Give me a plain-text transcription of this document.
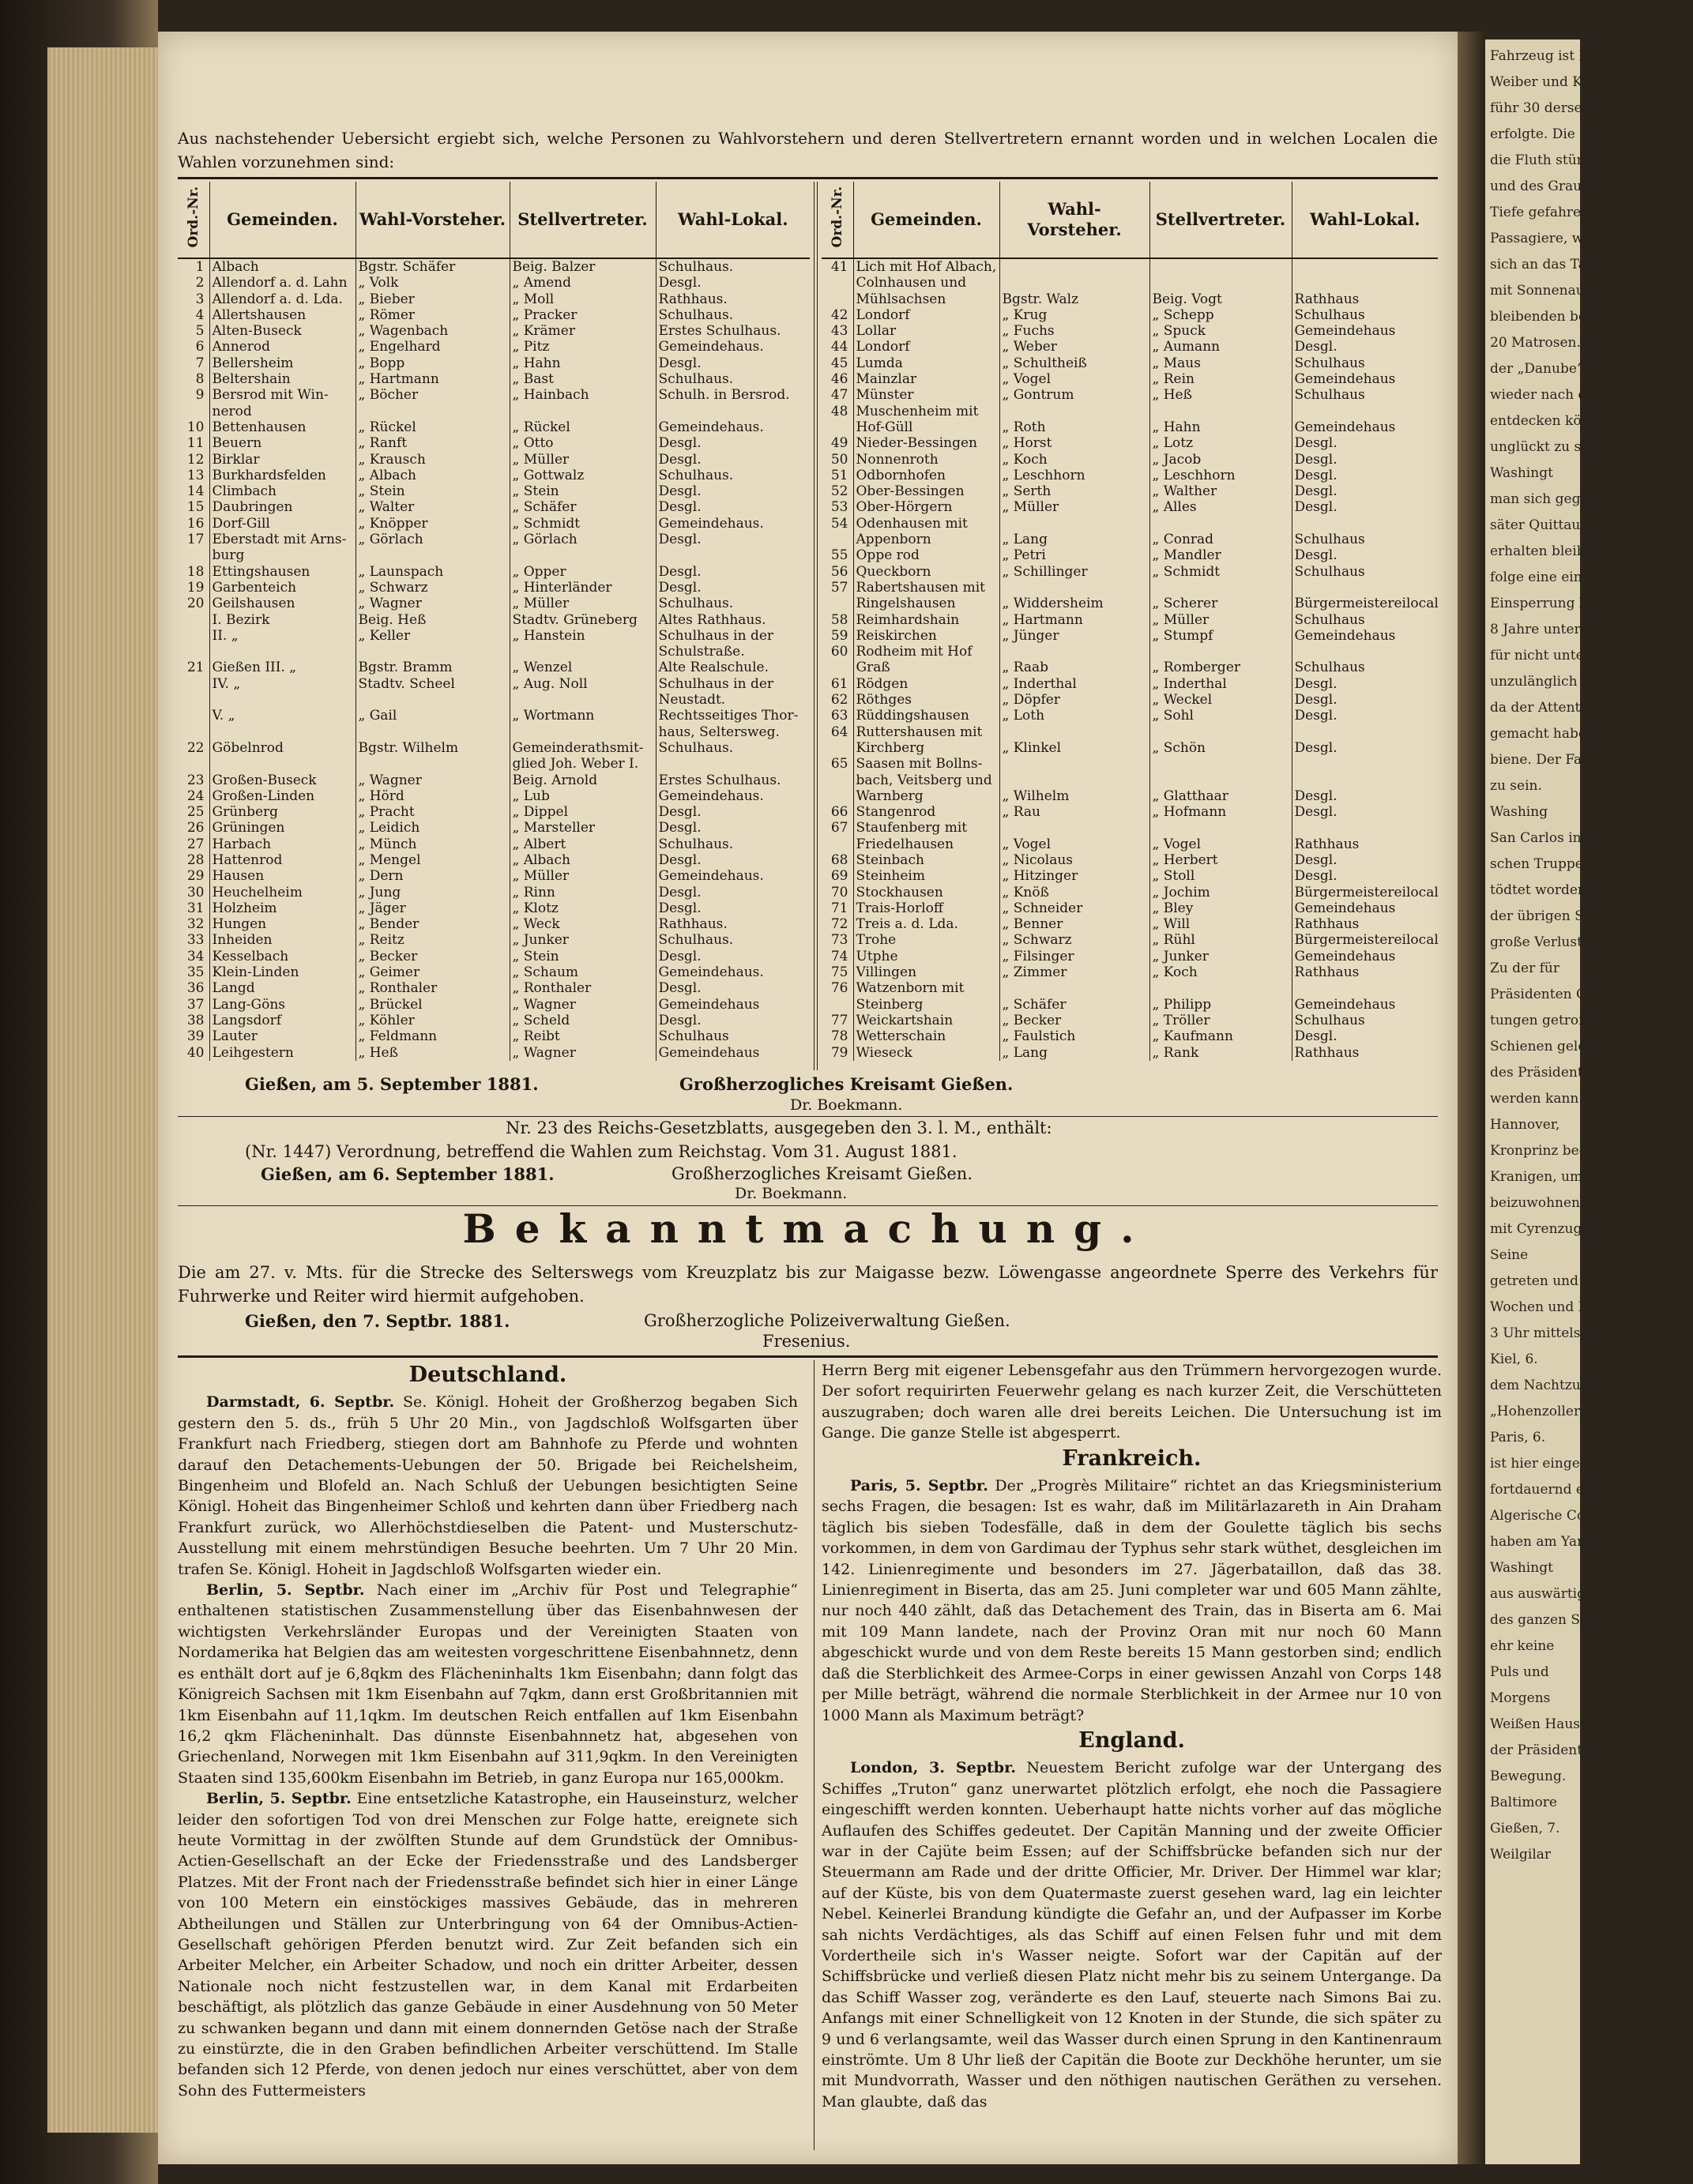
Fahrzeug ist Passagiere ruhig
Weiber und Kin
führ 30 derselbe
erfolgte. Die
die Fluth stürzte
und des Grauses
Tiefe gefahren.
Passagiere, welche
sich an das Tau
mit Sonnenaufg
bleibenden belau
20 Matrosen.
der „Danube“,
wieder nach der
entdecken können
unglückt zu sein.
Washingt
man sich gegenwä
säter Quittau a
erhalten bleibe.
folge eine eines
Einsperrung bei
8 Jahre unterlieg
für nicht unter 5,
unzulänglich für
da der Attentäter
gemacht habe und
biene. Der Fall
zu sein.
Washing
San Carlos in Gu
schen Truppentheil
tödtet worden seien
der übrigen Solda
große Verluste erl
Zu der für
Präsidenten Garfi
tungen getroffen,
Schienen gelegt,
des Präsidenten
werden kann.
Hannover,
Kronprinz begaben
Kranigen, um der
beizuwohnen. Die
mit Cyrenzug, nach
Seine
getreten und dort
Wochen und Eidge
3 Uhr mittels Ex
Kiel, 6.
dem Nachtzuge hi
„Hohenzollern“ bi
Paris, 6.
ist hier eingetroffen
fortdauernd ein
Algerische Colonne
haben am Yarbon
Washingt
aus auswärtige
des ganzen Samm
ehr keine
Puls und
Morgens
Weißen Hause
der Präsident
Bewegung.
Baltimore
Gießen, 7.
Weilgilar
Aus nachstehender Uebersicht ergiebt sich, welche Personen zu Wahlvorstehern und deren Stellvertretern ernannt worden und in welchen Localen die Wahlen vorzunehmen sind:
Ord.-Nr.	Gemeinden.	Wahl-Vorsteher.	Stellvertreter.	Wahl-Lokal.
1	Albach	Bgstr. Schäfer	Beig. Balzer	Schulhaus.
2	Allendorf a. d. Lahn	„ Volk	„ Amend	Desgl.
3	Allendorf a. d. Lda.	„ Bieber	„ Moll	Rathhaus.
4	Allertshausen	„ Römer	„ Pracker	Schulhaus.
5	Alten-Buseck	„ Wagenbach	„ Krämer	Erstes Schulhaus.
6	Annerod	„ Engelhard	„ Pitz	Gemeindehaus.
7	Bellersheim	„ Bopp	„ Hahn	Desgl.
8	Beltershain	„ Hartmann	„ Bast	Schulhaus.
9	Bersrod mit Win-	„ Böcher	„ Hainbach	Schulh. in Bersrod.
	nerod			
10	Bettenhausen	„ Rückel	„ Rückel	Gemeindehaus.
11	Beuern	„ Ranft	„ Otto	Desgl.
12	Birklar	„ Krausch	„ Müller	Desgl.
13	Burkhardsfelden	„ Albach	„ Gottwalz	Schulhaus.
14	Climbach	„ Stein	„ Stein	Desgl.
15	Daubringen	„ Walter	„ Schäfer	Desgl.
16	Dorf-Gill	„ Knöpper	„ Schmidt	Gemeindehaus.
17	Eberstadt mit Arns-	„ Görlach	„ Görlach	Desgl.
	burg			
18	Ettingshausen	„ Launspach	„ Opper	Desgl.
19	Garbenteich	„ Schwarz	„ Hinterländer	Desgl.
20	Geilshausen	„ Wagner	„ Müller	Schulhaus.
	I. Bezirk	Beig. Heß	Stadtv. Grüneberg	Altes Rathhaus.
	II. „	„ Keller	„ Hanstein	Schulhaus in der
				Schulstraße.
21	Gießen III. „	Bgstr. Bramm	„ Wenzel	Alte Realschule.
	IV. „	Stadtv. Scheel	„ Aug. Noll	Schulhaus in der
				Neustadt.
	V. „	„ Gail	„ Wortmann	Rechtsseitiges Thor-
				haus, Seltersweg.
22	Göbelnrod	Bgstr. Wilhelm	Gemeinderathsmit-	Schulhaus.
			glied Joh. Weber I.	
23	Großen-Buseck	„ Wagner	Beig. Arnold	Erstes Schulhaus.
24	Großen-Linden	„ Hörd	„ Lub	Gemeindehaus.
25	Grünberg	„ Pracht	„ Dippel	Desgl.
26	Grüningen	„ Leidich	„ Marsteller	Desgl.
27	Harbach	„ Münch	„ Albert	Schulhaus.
28	Hattenrod	„ Mengel	„ Albach	Desgl.
29	Hausen	„ Dern	„ Müller	Gemeindehaus.
30	Heuchelheim	„ Jung	„ Rinn	Desgl.
31	Holzheim	„ Jäger	„ Klotz	Desgl.
32	Hungen	„ Bender	„ Weck	Rathhaus.
33	Inheiden	„ Reitz	„ Junker	Schulhaus.
34	Kesselbach	„ Becker	„ Stein	Desgl.
35	Klein-Linden	„ Geimer	„ Schaum	Gemeindehaus.
36	Langd	„ Ronthaler	„ Ronthaler	Desgl.
37	Lang-Göns	„ Brückel	„ Wagner	Gemeindehaus
38	Langsdorf	„ Köhler	„ Scheld	Desgl.
39	Lauter	„ Feldmann	„ Reibt	Schulhaus
40	Leihgestern	„ Heß	„ Wagner	Gemeindehaus
Ord.-Nr.	Gemeinden.	Wahl-Vorsteher.	Stellvertreter.	Wahl-Lokal.
41	Lich mit Hof Albach,			
	Colnhausen und			
	Mühlsachsen	Bgstr. Walz	Beig. Vogt	Rathhaus
42	Londorf	„ Krug	„ Schepp	Schulhaus
43	Lollar	„ Fuchs	„ Spuck	Gemeindehaus
44	Londorf	„ Weber	„ Aumann	Desgl.
45	Lumda	„ Schultheiß	„ Maus	Schulhaus
46	Mainzlar	„ Vogel	„ Rein	Gemeindehaus
47	Münster	„ Gontrum	„ Heß	Schulhaus
48	Muschenheim mit			
	Hof-Güll	„ Roth	„ Hahn	Gemeindehaus
49	Nieder-Bessingen	„ Horst	„ Lotz	Desgl.
50	Nonnenroth	„ Koch	„ Jacob	Desgl.
51	Odbornhofen	„ Leschhorn	„ Leschhorn	Desgl.
52	Ober-Bessingen	„ Serth	„ Walther	Desgl.
53	Ober-Hörgern	„ Müller	„ Alles	Desgl.
54	Odenhausen mit			
	Appenborn	„ Lang	„ Conrad	Schulhaus
55	Oppe rod	„ Petri	„ Mandler	Desgl.
56	Queckborn	„ Schillinger	„ Schmidt	Schulhaus
57	Rabertshausen mit			
	Ringelshausen	„ Widdersheim	„ Scherer	Bürgermeistereilocal
58	Reimhardshain	„ Hartmann	„ Müller	Schulhaus
59	Reiskirchen	„ Jünger	„ Stumpf	Gemeindehaus
60	Rodheim mit Hof			
	Graß	„ Raab	„ Romberger	Schulhaus
61	Rödgen	„ Inderthal	„ Inderthal	Desgl.
62	Röthges	„ Döpfer	„ Weckel	Desgl.
63	Rüddingshausen	„ Loth	„ Sohl	Desgl.
64	Ruttershausen mit			
	Kirchberg	„ Klinkel	„ Schön	Desgl.
65	Saasen mit Bollns-			
	bach, Veitsberg und			
	Warnberg	„ Wilhelm	„ Glatthaar	Desgl.
66	Stangenrod	„ Rau	„ Hofmann	Desgl.
67	Staufenberg mit			
	Friedelhausen	„ Vogel	„ Vogel	Rathhaus
68	Steinbach	„ Nicolaus	„ Herbert	Desgl.
69	Steinheim	„ Hitzinger	„ Stoll	Desgl.
70	Stockhausen	„ Knöß	„ Jochim	Bürgermeistereilocal
71	Trais-Horloff	„ Schneider	„ Bley	Gemeindehaus
72	Treis a. d. Lda.	„ Benner	„ Will	Rathhaus
73	Trohe	„ Schwarz	„ Rühl	Bürgermeistereilocal
74	Utphe	„ Filsinger	„ Junker	Gemeindehaus
75	Villingen	„ Zimmer	„ Koch	Rathhaus
76	Watzenborn mit			
	Steinberg	„ Schäfer	„ Philipp	Gemeindehaus
77	Weickartshain	„ Becker	„ Tröller	Schulhaus
78	Wetterschain	„ Faulstich	„ Kaufmann	Desgl.
79	Wieseck	„ Lang	„ Rank	Rathhaus
Gießen, am 5. September 1881.	Großherzogliches Kreisamt Gießen.
Dr. Boekmann.
Nr. 23 des Reichs-Gesetzblatts, ausgegeben den 3. l. M., enthält:
(Nr. 1447) Verordnung, betreffend die Wahlen zum Reichstag. Vom 31. August 1881.
Gießen, am 6. September 1881.	Großherzogliches Kreisamt Gießen.
Dr. Boekmann.
Bekanntmachung.
Die am 27. v. Mts. für die Strecke des Selterswegs vom Kreuzplatz bis zur Maigasse bezw. Löwengasse angeordnete Sperre des Verkehrs für Fuhrwerke und Reiter wird hiermit aufgehoben.
Gießen, den 7. Septbr. 1881.	Großherzogliche Polizeiverwaltung Gießen.
Fresenius.
Deutschland.

Darmstadt, 6. Septbr. Se. Königl. Hoheit der Großherzog begaben Sich gestern den 5. ds., früh 5 Uhr 20 Min., von Jagdschloß Wolfsgarten über Frankfurt nach Friedberg, stiegen dort am Bahnhofe zu Pferde und wohnten darauf den Detachements-Uebungen der 50. Brigade bei Reichelsheim, Bingenheim und Blofeld an. Nach Schluß der Uebungen besichtigten Seine Königl. Hoheit das Bingenheimer Schloß und kehrten dann über Friedberg nach Frankfurt zurück, wo Allerhöchstdieselben die Patent- und Musterschutz-Ausstellung mit einem mehrstündigen Besuche beehrten. Um 7 Uhr 20 Min. trafen Se. Königl. Hoheit in Jagdschloß Wolfsgarten wieder ein.

Berlin, 5. Septbr. Nach einer im „Archiv für Post und Telegraphie“ enthaltenen statistischen Zusammenstellung über das Eisenbahnwesen der wichtigsten Verkehrsländer Europas und der Vereinigten Staaten von Nordamerika hat Belgien das am weitesten vorgeschrittene Eisenbahnnetz, denn es enthält dort auf je 6,8qkm des Flächeninhalts 1km Eisenbahn; dann folgt das Königreich Sachsen mit 1km Eisenbahn auf 7qkm, dann erst Großbritannien mit 1km Eisenbahn auf 11,1qkm. Im deutschen Reich entfallen auf 1km Eisenbahn 16,2 qkm Flächeninhalt. Das dünnste Eisenbahnnetz hat, abgesehen von Griechenland, Norwegen mit 1km Eisenbahn auf 311,9qkm. In den Vereinigten Staaten sind 135,600km Eisenbahn im Betrieb, in ganz Europa nur 165,000km.

Berlin, 5. Septbr. Eine entsetzliche Katastrophe, ein Hauseinsturz, welcher leider den sofortigen Tod von drei Menschen zur Folge hatte, ereignete sich heute Vormittag in der zwölften Stunde auf dem Grundstück der Omnibus-Actien-Gesellschaft an der Ecke der Friedensstraße und des Landsberger Platzes. Mit der Front nach der Friedensstraße befindet sich hier in einer Länge von 100 Metern ein einstöckiges massives Gebäude, das in mehreren Abtheilungen und Ställen zur Unterbringung von 64 der Omnibus-Actien-Gesellschaft gehörigen Pferden benutzt wird. Zur Zeit befanden sich ein Arbeiter Melcher, ein Arbeiter Schadow, und noch ein dritter Arbeiter, dessen Nationale noch nicht festzustellen war, in dem Kanal mit Erdarbeiten beschäftigt, als plötzlich das ganze Gebäude in einer Ausdehnung von 50 Meter zu schwanken begann und dann mit einem donnernden Getöse nach der Straße zu einstürzte, die in den Graben befindlichen Arbeiter verschüttend. Im Stalle befanden sich 12 Pferde, von denen jedoch nur eines verschüttet, aber von dem Sohn des Futtermeisters

Herrn Berg mit eigener Lebensgefahr aus den Trümmern hervorgezogen wurde. Der sofort requirirten Feuerwehr gelang es nach kurzer Zeit, die Verschütteten auszugraben; doch waren alle drei bereits Leichen. Die Untersuchung ist im Gange. Die ganze Stelle ist abgesperrt.

Frankreich.

Paris, 5. Septbr. Der „Progrès Militaire“ richtet an das Kriegsministerium sechs Fragen, die besagen: Ist es wahr, daß im Militärlazareth in Ain Draham täglich bis sieben Todesfälle, daß in dem der Goulette täglich bis sechs vorkommen, in dem von Gardimau der Typhus sehr stark wüthet, desgleichen im 142. Linienregimente und besonders im 27. Jägerbataillon, daß das 38. Linienregiment in Biserta, das am 25. Juni completer war und 605 Mann zählte, nur noch 440 zählt, daß das Detachement des Train, das in Biserta am 6. Mai mit 109 Mann landete, nach der Provinz Oran mit nur noch 60 Mann abgeschickt wurde und von dem Reste bereits 15 Mann gestorben sind; endlich daß die Sterblichkeit des Armee-Corps in einer gewissen Anzahl von Corps 148 per Mille beträgt, während die normale Sterblichkeit in der Armee nur 10 von 1000 Mann als Maximum beträgt?

England.

London, 3. Septbr. Neuestem Bericht zufolge war der Untergang des Schiffes „Truton“ ganz unerwartet plötzlich erfolgt, ehe noch die Passagiere eingeschifft werden konnten. Ueberhaupt hatte nichts vorher auf das mögliche Auflaufen des Schiffes gedeutet. Der Capitän Manning und der zweite Officier war in der Cajüte beim Essen; auf der Schiffsbrücke befanden sich nur der Steuermann am Rade und der dritte Officier, Mr. Driver. Der Himmel war klar; auf der Küste, bis von dem Quatermaste zuerst gesehen ward, lag ein leichter Nebel. Keinerlei Brandung kündigte die Gefahr an, und der Aufpasser im Korbe sah nichts Verdächtiges, als das Schiff auf einen Felsen fuhr und mit dem Vordertheile sich in's Wasser neigte. Sofort war der Capitän auf der Schiffsbrücke und verließ diesen Platz nicht mehr bis zu seinem Untergange. Da das Schiff Wasser zog, veränderte es den Lauf, steuerte nach Simons Bai zu. Anfangs mit einer Schnelligkeit von 12 Knoten in der Stunde, die sich später zu 9 und 6 verlangsamte, weil das Wasser durch einen Sprung in den Kantinenraum einströmte. Um 8 Uhr ließ der Capitän die Boote zur Deckhöhe herunter, um sie mit Mundvorrath, Wasser und den nöthigen nautischen Geräthen zu versehen. Man glaubte, daß das
